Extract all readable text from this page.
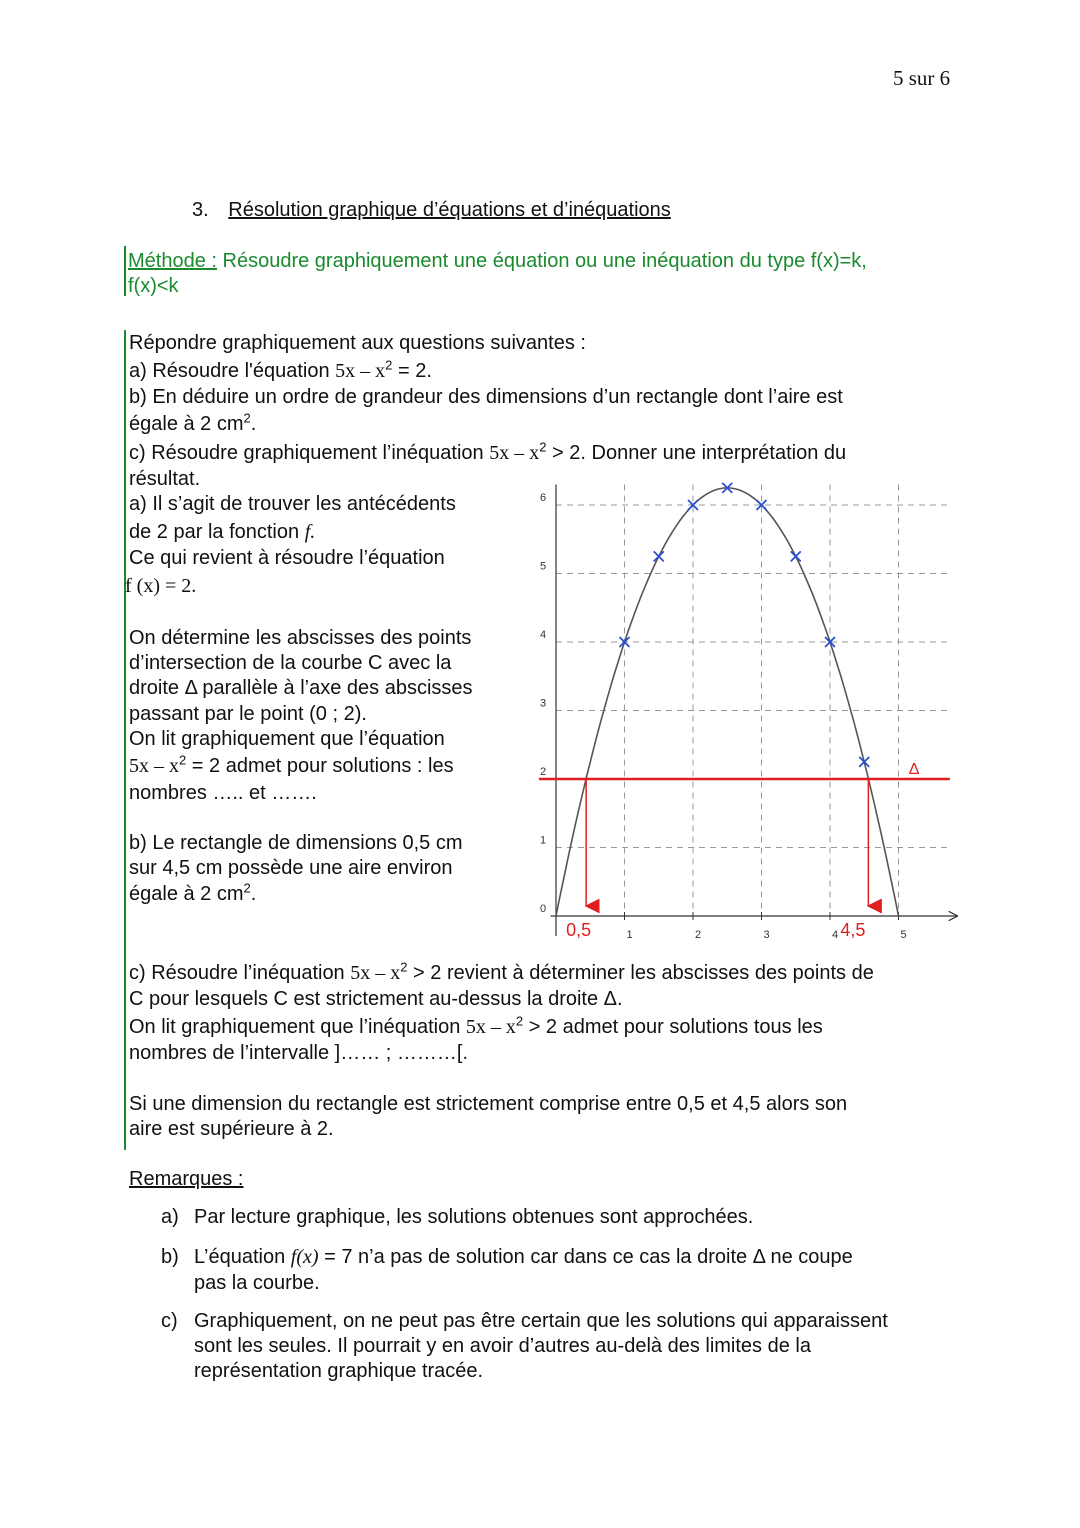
5 sur 6
3. Résolution graphique d’équations et d’inéquations
Méthode : Résoudre graphiquement une équation ou une inéquation du type f(x)=k,
f(x)<k
Répondre graphiquement aux questions suivantes :
a) Résoudre l'équation $5x - x^2 = 2$.
b) En déduire un ordre de grandeur des dimensions d’un rectangle dont l’aire est
égale à 2 $cm^2$.
c) Résoudre graphiquement l’inéquation $5x - x^2 > 2$. Donner une interprétation du
résultat.
a) Il s’agit de trouver les antécédents
de 2 par la fonction f.
Ce qui revient à résoudre l’équation
f (x) = 2.
On détermine les abscisses des points
d’intersection de la courbe C avec la
droite Δ parallèle à l’axe des abscisses
passant par le point (0 ; 2).
On lit graphiquement que l’équation
$5x - x^2 = 2$ admet pour solutions : les
nombres ….. et …….
b) Le rectangle de dimensions 0,5 cm
sur 4,5 cm possède une aire environ
égale à 2 $cm^2$.
Δ
0,5	4,5
1	2	3	4	5
0
1
2
3
4
5
6
c) Résoudre l’inéquation $5x - x^2 > 2$ revient à déterminer les abscisses des points de
C pour lesquels C est strictement au-dessus la droite Δ.
On lit graphiquement que l’inéquation $5x - x^2 > 2$ admet pour solutions tous les
nombres de l’intervalle ]…… ; ………[.
Si une dimension du rectangle est strictement comprise entre 0,5 et 4,5 alors son
aire est supérieure à 2.
Remarques :
a) Par lecture graphique, les solutions obtenues sont approchées.
b) L’équation f(x) = 7 n’a pas de solution car dans ce cas la droite Δ ne coupe
pas la courbe.
c) Graphiquement, on ne peut pas être certain que les solutions qui apparaissent
sont les seules. Il pourrait y en avoir d’autres au-delà des limites de la
représentation graphique tracée.
